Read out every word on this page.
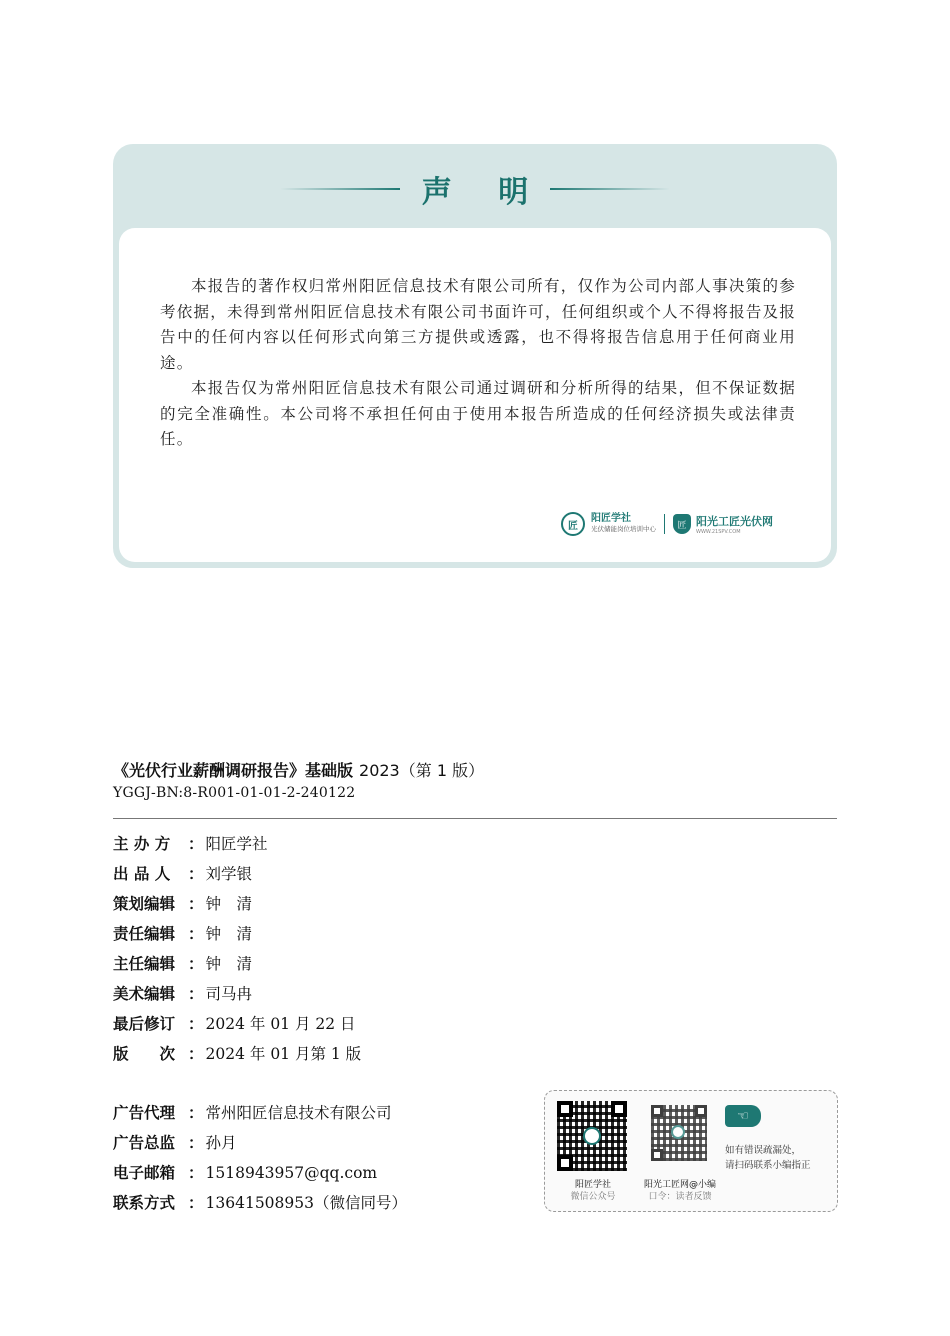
声 明

本报告的著作权归常州阳匠信息技术有限公司所有，仅作为公司内部人事决策的参考依据，未得到常州阳匠信息技术有限公司书面许可，任何组织或个人不得将报告及报告中的任何内容以任何形式向第三方提供或透露，也不得将报告信息用于任何商业用途。

本报告仅为常州阳匠信息技术有限公司通过调研和分析所得的结果，但不保证数据的完全准确性。本公司将不承担任何由于使用本报告所造成的任何经济损失或法律责任。

匠
阳匠学社
光伏储能岗位培训中心	匠 阳光工匠光伏网
WWW.21SPV.COM
《光伏行业薪酬调研报告》基础版 2023（第 1 版）
YGGJ-BN:8-R001-01-01-2-240122
主 办 方	： 阳匠学社
出 品 人	： 刘学银
策划编辑 ： 钟　清
责任编辑 ： 钟　清
主任编辑 ： 钟　清
美术编辑 ： 司马冉
最后修订 ： 2024 年 01 月 22 日
版　　次 ： 2024 年 01 月第 1 版
广告代理 ： 常州阳匠信息技术有限公司
广告总监 ： 孙月
电子邮箱 ： 1518943957@qq.com
联系方式 ： 13641508953（微信同号）
阳匠学社
微信公众号
阳光工匠网@小编
口令：读者反馈
☜
如有错误疏漏处，
请扫码联系小编指正
